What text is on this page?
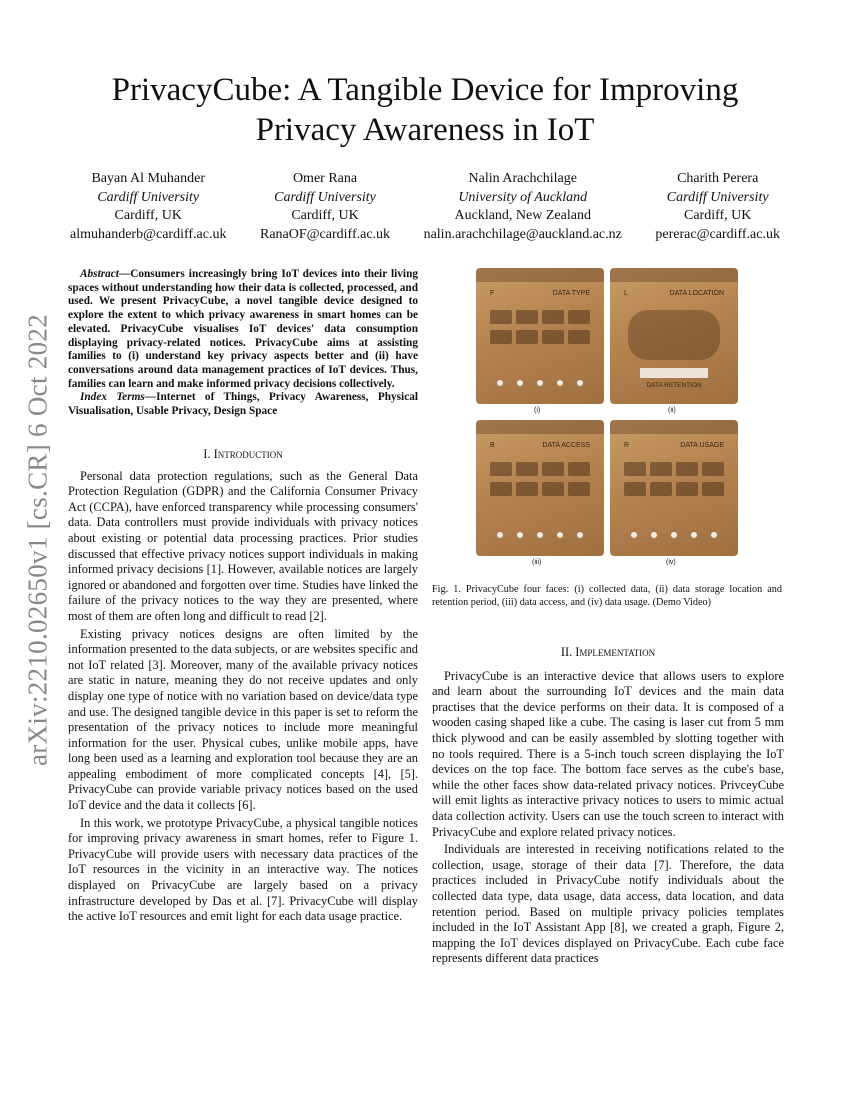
arXiv:2210.02650v1 [cs.CR] 6 Oct 2022
PrivacyCube: A Tangible Device for Improving
Privacy Awareness in IoT
Bayan Al Muhander
Cardiff University
Cardiff, UK
almuhanderb@cardiff.ac.uk
Omer Rana
Cardiff University
Cardiff, UK
RanaOF@cardiff.ac.uk
Nalin Arachchilage
University of Auckland
Auckland, New Zealand
nalin.arachchilage@auckland.ac.nz
Charith Perera
Cardiff University
Cardiff, UK
pererac@cardiff.ac.uk

Abstract—Consumers increasingly bring IoT devices into their living spaces without understanding how their data is collected, processed, and used. We present PrivacyCube, a novel tangible device designed to explore the extent to which privacy awareness in smart homes can be elevated. PrivacyCube visualises IoT devices' data consumption displaying privacy-related notices. PrivacyCube aims at assisting families to (i) understand key privacy aspects better and (ii) have conversations around data management practices of IoT devices. Thus, families can learn and make informed privacy decisions collectively.

Index Terms—Internet of Things, Privacy Awareness, Physical Visualisation, Usable Privacy, Design Space

I. Introduction

Personal data protection regulations, such as the General Data Protection Regulation (GDPR) and the California Consumer Privacy Act (CCPA), have enforced transparency while processing consumers' data. Data controllers must provide individuals with privacy notices about existing or potential data processing practices. Prior studies discussed that effective privacy notices support individuals in making informed privacy decisions [1]. However, available notices are largely ignored or abandoned and forgotten over time. Studies have linked the failure of the privacy notices to the way they are presented, where most of them are often long and difficult to read [2].

Existing privacy notices designs are often limited by the information presented to the data subjects, or are websites specific and not IoT related [3]. Moreover, many of the available privacy notices are static in nature, meaning they do not receive updates and only display one type of notice with no variation based on device/data type and use. The designed tangible device in this paper is set to reform the presentation of the privacy notices to include more meaningful information for the user. Physical cubes, unlike mobile apps, have long been used as a learning and exploration tool because they are an appealing embodiment of more complicated concepts [4], [5]. PrivacyCube can provide variable privacy notices based on the used IoT device and the data it collects [6].

In this work, we prototype PrivacyCube, a physical tangible notices for improving privacy awareness in smart homes, refer to Figure 1. PrivacyCube will provide users with necessary data practices of the IoT resources in the vicinity in an interactive way. The notices displayed on PrivacyCube are largely based on a privacy infrastructure developed by Das et al. [7]. PrivacyCube will display the active IoT resources and emit light for each data usage practice.

F	DATA TYPE	L	DATA LOCATION
DATA RETENTION
(i)	(ii)
B	DATA ACCESS	R	DATA USAGE
(iii)	(iv)
Fig. 1. PrivacyCube four faces: (i) collected data, (ii) data storage location and retention period, (iii) data access, and (iv) data usage. (Demo Video)
II. Implementation

PrivacyCube is an interactive device that allows users to explore and learn about the surrounding IoT devices and the main data practises that the device performs on their data. It is composed of a wooden casing shaped like a cube. The casing is laser cut from 5 mm thick plywood and can be easily assembled by slotting together with no tools required. There is a 5-inch touch screen displaying the IoT devices on the top face. The bottom face serves as the cube's base, while the other faces show data-related privacy notices. PrivceyCube will emit lights as interactive privacy notices to users to mimic actual data collection activity. Users can use the touch screen to interact with PrivacyCube and explore related privacy notices.

Individuals are interested in receiving notifications related to the collection, usage, storage of their data [7]. Therefore, the data practices included in PrivacyCube notify individuals about the collected data type, data usage, data access, data location, and data retention period. Based on multiple privacy policies templates included in the IoT Assistant App [8], we created a graph, Figure 2, mapping the IoT devices displayed on PrivacyCube. Each cube face represents different data practices
